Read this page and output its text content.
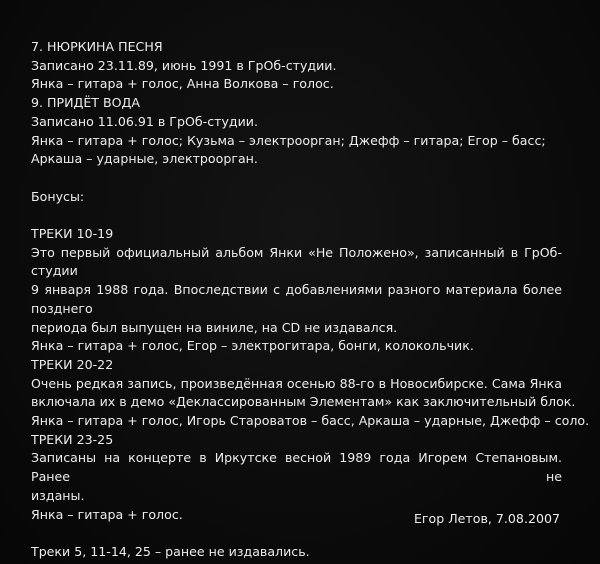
7. НЮРКИНА ПЕСНЯ
Записано 23.11.89, июнь 1991 в ГрОб-студии.
Янка – гитара + голос, Анна Волкова – голос.
9. ПРИДЁТ ВОДА
Записано 11.06.91 в ГрОб-студии.
Янка – гитара + голос; Кузьма – электроорган; Джефф – гитара; Егор – басс;
Аркаша – ударные, электроорган.
Бонусы:
ТРЕКИ 10-19
Это первый официальный альбом Янки «Не Положено», записанный в ГрОб-студии
9 января 1988 года. Впоследствии с добавлениями разного материала более позднего
периода был выпущен на виниле, на CD не издавался.
Янка – гитара + голос, Егор – электрогитара, бонги, колокольчик.
ТРЕКИ 20-22
Очень редкая запись, произведённая осенью 88-го в Новосибирске. Сама Янка
включала их в демо «Деклассированным Элементам» как заключительный блок.
Янка – гитара + голос, Игорь Староватов – басс, Аркаша – ударные, Джефф – соло.
ТРЕКИ 23-25
Записаны на концерте в Иркутске весной 1989 года Игорем Степановым. Ранее не
изданы.
Янка – гитара + голос.
Треки 5, 11-14, 25 – ранее не издавались.
Егор Летов, 7.08.2007
